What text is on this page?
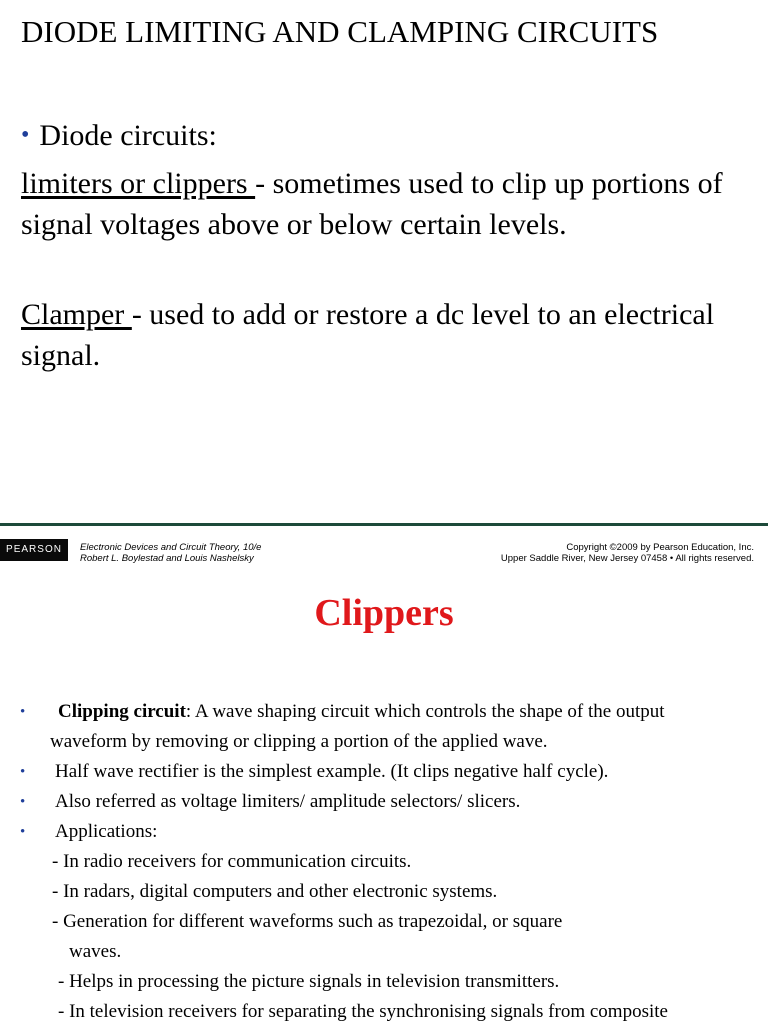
DIODE LIMITING AND CLAMPING CIRCUITS
• Diode circuits:
limiters or clippers - sometimes used to clip up portions of signal voltages above or below certain levels.
Clamper - used to add or restore a dc level to an electrical signal.
PEARSON	Electronic Devices and Circuit Theory, 10/e
Robert L. Boylestad and Louis Nashelsky
Copyright ©2009 by Pearson Education, Inc.
Upper Saddle River, New Jersey 07458 • All rights reserved.
Clippers
• Clipping circuit: A wave shaping circuit which controls the shape of the output
waveform by removing or clipping a portion of the applied wave.
• Half wave rectifier is the simplest example. (It clips negative half cycle).
• Also referred as voltage limiters/ amplitude selectors/ slicers.
• Applications:
- In radio receivers for communication circuits.
- In radars, digital computers and other electronic systems.
- Generation for different waveforms such as trapezoidal, or square
waves.
- Helps in processing the picture signals in television transmitters.
- In television receivers for separating the synchronising signals from composite
